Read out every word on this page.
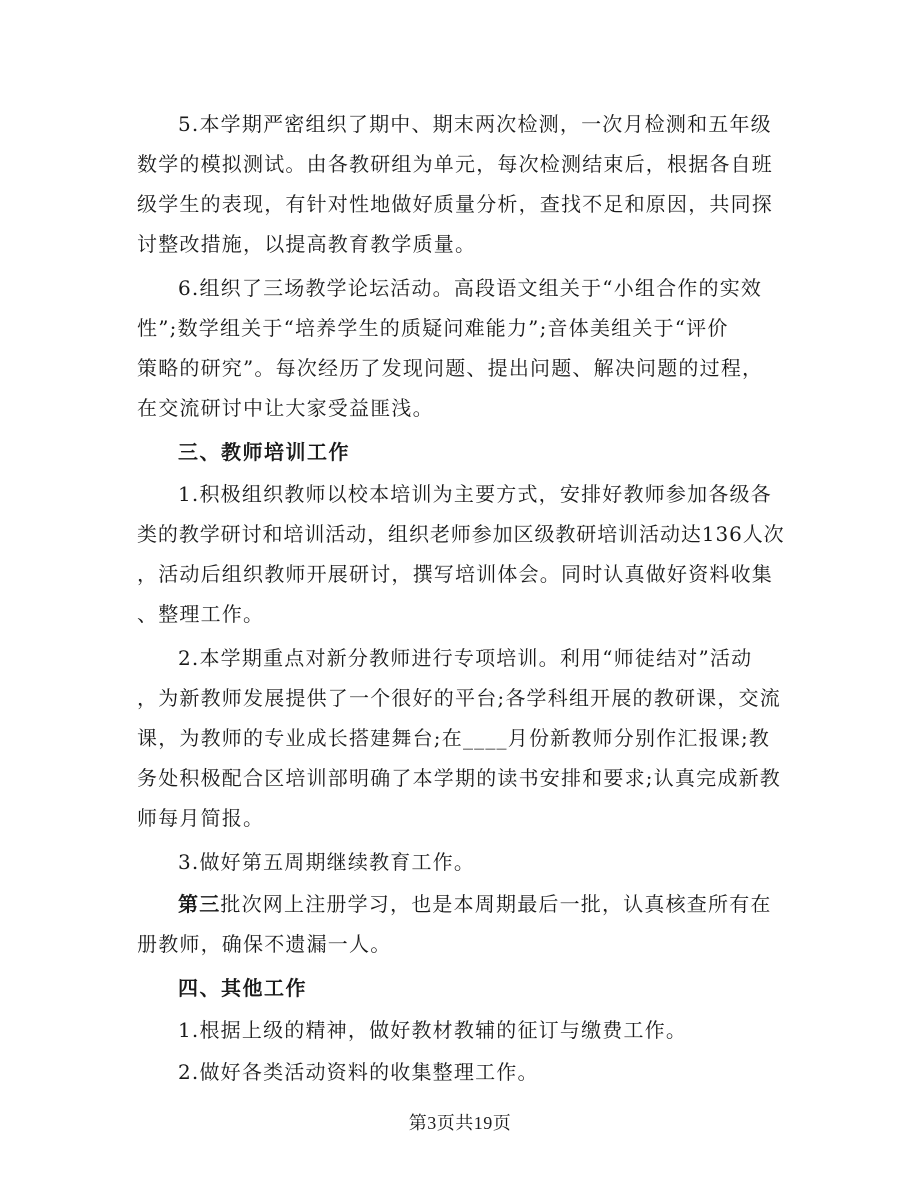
5.本学期严密组织了期中、期末两次检测，一次月检测和五年级
数学的模拟测试。由各教研组为单元，每次检测结束后，根据各自班
级学生的表现，有针对性地做好质量分析，查找不足和原因，共同探
讨整改措施，以提高教育教学质量。
6.组织了三场教学论坛活动。高段语文组关于“小组合作的实效
性”;数学组关于“培养学生的质疑问难能力”;音体美组关于“评价
策略的研究”。每次经历了发现问题、提出问题、解决问题的过程，
在交流研讨中让大家受益匪浅。
三、教师培训工作
1.积极组织教师以校本培训为主要方式，安排好教师参加各级各
类的教学研讨和培训活动，组织老师参加区级教研培训活动达136人次
，活动后组织教师开展研讨，撰写培训体会。同时认真做好资料收集
、整理工作。
2.本学期重点对新分教师进行专项培训。利用“师徒结对”活动
，为新教师发展提供了一个很好的平台;各学科组开展的教研课，交流
课，为教师的专业成长搭建舞台;在____月份新教师分别作汇报课;教
务处积极配合区培训部明确了本学期的读书安排和要求;认真完成新教
师每月简报。
3.做好第五周期继续教育工作。
第三批次网上注册学习，也是本周期最后一批，认真核查所有在
册教师，确保不遗漏一人。
四、其他工作
1.根据上级的精神，做好教材教辅的征订与缴费工作。
2.做好各类活动资料的收集整理工作。
第3页共19页
